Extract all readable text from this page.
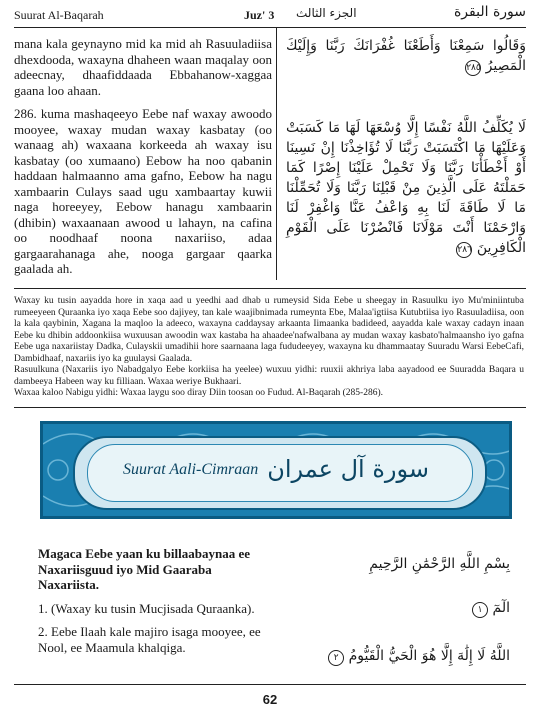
Suurat Al-Baqarah	Juz' 3 الجزء الثالث	سورة البقرة

mana kala geynayno mid ka mid ah Rasuuladiisa dhexdooda, waxayna dhaheen waan maqalay oon adeecnay, dhaafiddaada Ebbahanow-xaggaa gaana loo ahaan.

286. kuma mashaqeeyo Eebe naf waxay awoodo mooyee, waxay mudan waxay kasbatay (oo wanaag ah) waxaana korkeeda ah waxay isu kasbatay (oo xumaano) Eebow ha noo qabanin haddaan halmaanno ama gafno, Eebow ha nagu xambaarin Culays saad ugu xambaartay kuwii naga horeeyey, Eebow hanagu xambaarin (dhibin) waxaanaan awood u lahayn, na cafina oo noodhaaf noona naxariiso, adaa gargaarahanaga ahe, nooga gargaar qaarka gaalada ah.

وَقَالُوا سَمِعْنَا وَأَطَعْنَا غُفْرَانَكَ رَبَّنَا وَإِلَيْكَ الْمَصِيرُ ٢٨٥
لَا يُكَلِّفُ اللَّهُ نَفْسًا إِلَّا وُسْعَهَا لَهَا مَا كَسَبَتْ وَعَلَيْهَا مَا اكْتَسَبَتْ رَبَّنَا لَا تُؤَاخِذْنَا إِنْ نَسِينَا أَوْ أَخْطَأْنَا رَبَّنَا وَلَا تَحْمِلْ عَلَيْنَا إِصْرًا كَمَا حَمَلْتَهُ عَلَى الَّذِينَ مِنْ قَبْلِنَا رَبَّنَا وَلَا تُحَمِّلْنَا مَا لَا طَاقَةَ لَنَا بِهِ وَاعْفُ عَنَّا وَاغْفِرْ لَنَا وَارْحَمْنَا أَنْتَ مَوْلَانَا فَانْصُرْنَا عَلَى الْقَوْمِ الْكَافِرِينَ ٢٨٦

Waxay ku tusin aayadda hore in xaqa aad u yeedhi aad dhab u rumeysid Sida Eebe u sheegay in Rasuulku iyo Mu'miniintuba rumeeyeen Quraanka iyo xaqa Eebe soo dajiyey, tan kale waajibnimada rumeynta Ebe, Malaa'igtiisa Kutubtiisa iyo Rasuuladiisa, oon la kala qaybinin, Xagana la maqloo la adeeco, waxayna caddaysay arkaanta Iimaanka badideed, aayadda kale waxay cadayn inaan Eebe ku dhibin addoonkiisa wuxuusan awoodin wax kastaba ha ahaadee'nafwalbana ay mudan waxay kasbato'halmaansho iyo gafna Eebe uga naxariistay Dadka, Culayskii umadihii hore saarnaana laga fududeeyey, waxayna ku dhammaatay Suuradu Warsi EebeCafi, Dambidhaaf, naxariis iyo ka guulaysi Gaalada.

Rasuulkuna (Naxariis iyo Nabadgalyo Eebe korkiisa ha yeelee) wuxuu yidhi: ruuxii akhriya laba aayadood ee Suuradda Baqara u dambeeya Habeen way ku filliaan. Waxaa weriye Bukhaari.

Waxaa kaloo Nabigu yidhi: Waxaa laygu soo diray Diin toosan oo Fudud. Al-Baqarah (285-286).

Suurat Aali-Cimraan سورة آل عمران

Magaca Eebe yaan ku billaabaynaa ee Naxariisguud iyo Mid Gaaraba Naxariista.

1. (Waxay ku tusin Mucjisada Quraanka).

2. Eebe Ilaah kale majiro isaga mooyee, ee Nool, ee Maamula khalqiga.

بِسْمِ اللَّهِ الرَّحْمَٰنِ الرَّحِيمِ
الٓمٓ ١
اللَّهُ لَا إِلَٰهَ إِلَّا هُوَ الْحَيُّ الْقَيُّومُ ٢
62
